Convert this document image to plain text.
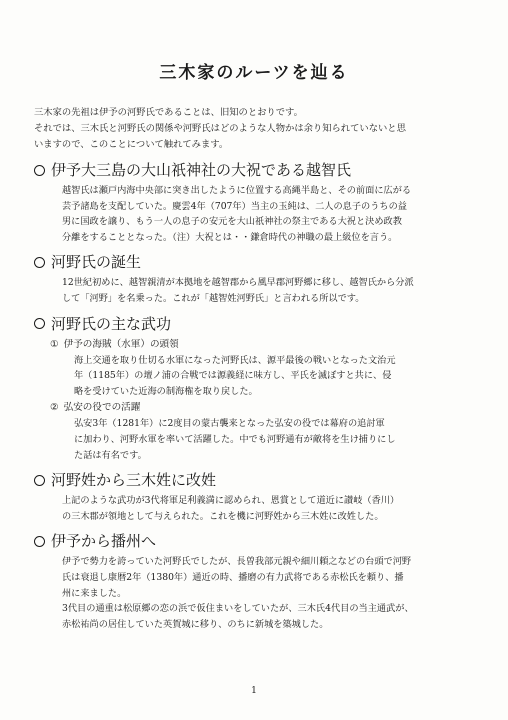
三木家のルーツを辿る

三木家の先祖は伊予の河野氏であることは、旧知のとおりです。

それでは、三木氏と河野氏の関係や河野氏はどのような人物かは余り知られていないと思

いますので、このことについて触れてみます。

伊予大三島の大山祇神社の大祝である越智氏

越智氏は瀬戸内海中央部に突き出したように位置する高縄半島と、その前面に広がる

芸予諸島を支配していた。慶雲4年（707年）当主の玉純は、二人の息子のうちの益

男に国政を譲り、もう一人の息子の安元を大山祇神社の祭主である大祝と決め政教

分離をすることとなった。（注）大祝とは・・鎌倉時代の神職の最上級位を言う。

河野氏の誕生

12世紀初めに、越智親清が本拠地を越智郡から風早郡河野郷に移し、越智氏から分派

して「河野」を名乗った。これが「越智姓河野氏」と言われる所以です。

河野氏の主な武功
① 伊予の海賊（水軍）の頭領

海上交通を取り仕切る水軍になった河野氏は、源平最後の戦いとなった文治元

年（1185年）の壇ノ浦の合戦では源義経に味方し、平氏を滅ぼすと共に、侵

略を受けていた近海の制海権を取り戻した。

② 弘安の役での活躍

弘安3年（1281年）に2度目の蒙古襲来となった弘安の役では幕府の追討軍

に加わり、河野水軍を率いて活躍した。中でも河野通有が敵将を生け捕りにし

た話は有名です。

河野姓から三木姓に改姓

上記のような武功が3代将軍足利義満に認められ、恩賞として道近に讃岐（香川）

の三木郡が領地として与えられた。これを機に河野姓から三木姓に改姓した。

伊予から播州へ

伊予で勢力を誇っていた河野氏でしたが、長曽我部元親や細川頼之などの台頭で河野

氏は衰退し康暦2年（1380年）通近の時、播磨の有力武将である赤松氏を頼り、播

州に来ました。

3代目の通重は松原郷の恋の浜で仮住まいをしていたが、三木氏4代目の当主通武が、

赤松祐尚の居住していた英賀城に移り、のちに新城を築城した。

1
